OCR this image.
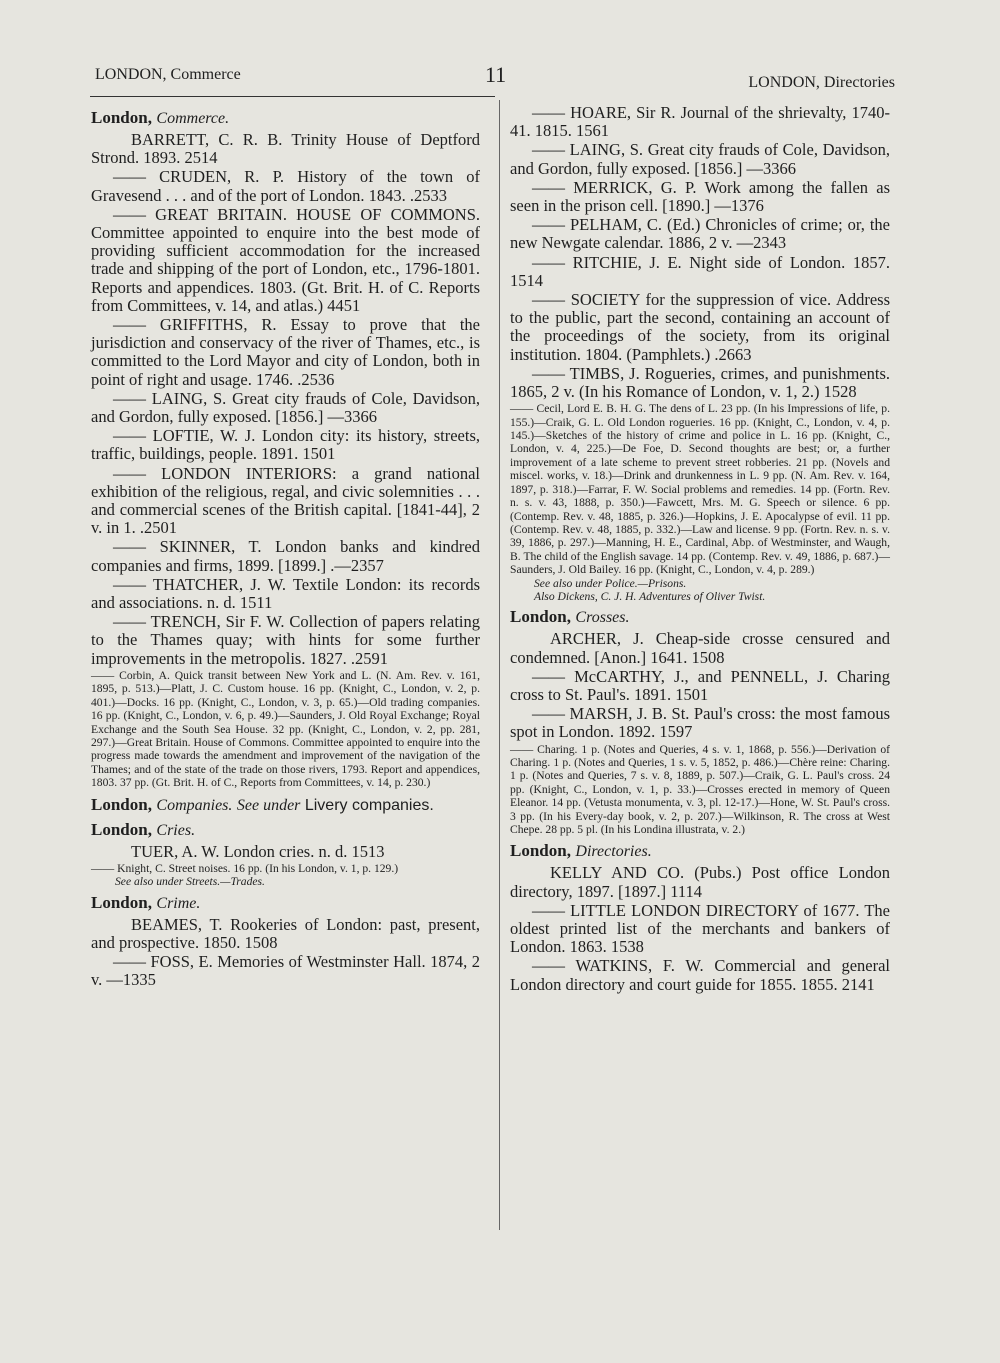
LONDON, Commerce	11	LONDON, Directories
London, Commerce.

BARRETT, C. R. B. Trinity House of Deptford Strond. 1893. 2514

—— CRUDEN, R. P. History of the town of Gravesend . . . and of the port of London. 1843. .2533

—— GREAT BRITAIN. HOUSE OF COMMONS. Committee appointed to enquire into the best mode of providing sufficient accommodation for the increased trade and shipping of the port of London, etc., 1796-1801. Reports and appendices. 1803. (Gt. Brit. H. of C. Reports from Committees, v. 14, and atlas.) 4451

—— GRIFFITHS, R. Essay to prove that the jurisdiction and conservacy of the river of Thames, etc., is committed to the Lord Mayor and city of London, both in point of right and usage. 1746. .2536

—— LAING, S. Great city frauds of Cole, Davidson, and Gordon, fully exposed. [1856.] —3366

—— LOFTIE, W. J. London city: its history, streets, traffic, buildings, people. 1891. 1501

—— LONDON INTERIORS: a grand national exhibition of the religious, regal, and civic solemnities . . . and commercial scenes of the British capital. [1841-44], 2 v. in 1. .2501

—— SKINNER, T. London banks and kindred companies and firms, 1899. [1899.] .—2357

—— THATCHER, J. W. Textile London: its records and associations. n. d. 1511

—— TRENCH, Sir F. W. Collection of papers relating to the Thames quay; with hints for some further improvements in the metropolis. 1827. .2591

—— Corbin, A. Quick transit between New York and L. (N. Am. Rev. v. 161, 1895, p. 513.)—Platt, J. C. Custom house. 16 pp. (Knight, C., London, v. 2, p. 401.)—Docks. 16 pp. (Knight, C., London, v. 3, p. 65.)—Old trading companies. 16 pp. (Knight, C., London, v. 6, p. 49.)—Saunders, J. Old Royal Exchange; Royal Exchange and the South Sea House. 32 pp. (Knight, C., London, v. 2, pp. 281, 297.)—Great Britain. House of Commons. Committee appointed to enquire into the progress made towards the amendment and improvement of the navigation of the Thames; and of the state of the trade on those rivers, 1793. Report and appendices, 1803. 37 pp. (Gt. Brit. H. of C., Reports from Committees, v. 14, p. 230.)

London, Companies. See under Livery companies.
London, Cries.

TUER, A. W. London cries. n. d. 1513

—— Knight, C. Street noises. 16 pp. (In his London, v. 1, p. 129.)

See also under Streets.—Trades.

London, Crime.

BEAMES, T. Rookeries of London: past, present, and prospective. 1850. 1508

—— FOSS, E. Memories of Westminster Hall. 1874, 2 v. —1335

—— HOARE, Sir R. Journal of the shrievalty, 1740-41. 1815. 1561

—— LAING, S. Great city frauds of Cole, Davidson, and Gordon, fully exposed. [1856.] —3366

—— MERRICK, G. P. Work among the fallen as seen in the prison cell. [1890.] —1376

—— PELHAM, C. (Ed.) Chronicles of crime; or, the new Newgate calendar. 1886, 2 v. —2343

—— RITCHIE, J. E. Night side of London. 1857. 1514

—— SOCIETY for the suppression of vice. Address to the public, part the second, containing an account of the proceedings of the society, from its original institution. 1804. (Pamphlets.) .2663

—— TIMBS, J. Rogueries, crimes, and punishments. 1865, 2 v. (In his Romance of London, v. 1, 2.) 1528

—— Cecil, Lord E. B. H. G. The dens of L. 23 pp. (In his Impressions of life, p. 155.)—Craik, G. L. Old London rogueries. 16 pp. (Knight, C., London, v. 4, p. 145.)—Sketches of the history of crime and police in L. 16 pp. (Knight, C., London, v. 4, 225.)—De Foe, D. Second thoughts are best; or, a further improvement of a late scheme to prevent street robberies. 21 pp. (Novels and miscel. works, v. 18.)—Drink and drunkenness in L. 9 pp. (N. Am. Rev. v. 164, 1897, p. 318.)—Farrar, F. W. Social problems and remedies. 14 pp. (Fortn. Rev. n. s. v. 43, 1888, p. 350.)—Fawcett, Mrs. M. G. Speech or silence. 6 pp. (Contemp. Rev. v. 48, 1885, p. 326.)—Hopkins, J. E. Apocalypse of evil. 11 pp. (Contemp. Rev. v. 48, 1885, p. 332.)—Law and license. 9 pp. (Fortn. Rev. n. s. v. 39, 1886, p. 297.)—Manning, H. E., Cardinal, Abp. of Westminster, and Waugh, B. The child of the English savage. 14 pp. (Contemp. Rev. v. 49, 1886, p. 687.)—Saunders, J. Old Bailey. 16 pp. (Knight, C., London, v. 4, p. 289.)

See also under Police.—Prisons.

Also Dickens, C. J. H. Adventures of Oliver Twist.

London, Crosses.

ARCHER, J. Cheap-side crosse censured and condemned. [Anon.] 1641. 1508

—— McCARTHY, J., and PENNELL, J. Charing cross to St. Paul's. 1891. 1501

—— MARSH, J. B. St. Paul's cross: the most famous spot in London. 1892. 1597

—— Charing. 1 p. (Notes and Queries, 4 s. v. 1, 1868, p. 556.)—Derivation of Charing. 1 p. (Notes and Queries, 1 s. v. 5, 1852, p. 486.)—Chère reine: Charing. 1 p. (Notes and Queries, 7 s. v. 8, 1889, p. 507.)—Craik, G. L. Paul's cross. 24 pp. (Knight, C., London, v. 1, p. 33.)—Crosses erected in memory of Queen Eleanor. 14 pp. (Vetusta monumenta, v. 3, pl. 12-17.)—Hone, W. St. Paul's cross. 3 pp. (In his Every-day book, v. 2, p. 207.)—Wilkinson, R. The cross at West Chepe. 28 pp. 5 pl. (In his Londina illustrata, v. 2.)

London, Directories.

KELLY AND CO. (Pubs.) Post office London directory, 1897. [1897.] 1114

—— LITTLE LONDON DIRECTORY of 1677. The oldest printed list of the merchants and bankers of London. 1863. 1538

—— WATKINS, F. W. Commercial and general London directory and court guide for 1855. 1855. 2141
